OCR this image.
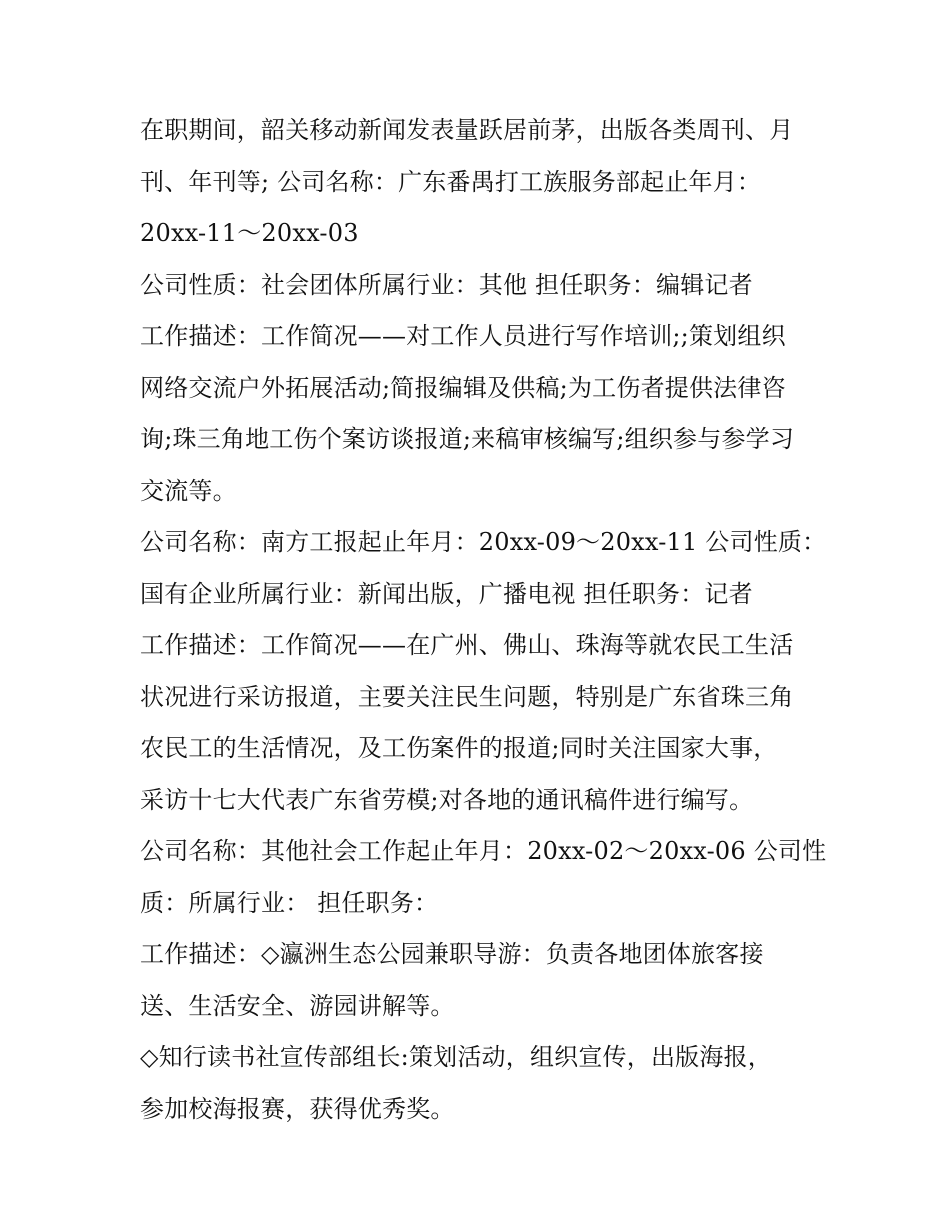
在职期间，韶关移动新闻发表量跃居前茅，出版各类周刊、月
刊、年刊等; 公司名称：广东番禺打工族服务部起止年月：
20xx-11～20xx-03
公司性质：社会团体所属行业：其他 担任职务：编辑记者
工作描述：工作简况——对工作人员进行写作培训;;策划组织
网络交流户外拓展活动;简报编辑及供稿;为工伤者提供法律咨
询;珠三角地工伤个案访谈报道;来稿审核编写;组织参与参学习
交流等。
公司名称：南方工报起止年月：20xx-09～20xx-11 公司性质：
国有企业所属行业：新闻出版，广播电视 担任职务：记者
工作描述：工作简况——在广州、佛山、珠海等就农民工生活
状况进行采访报道，主要关注民生问题，特别是广东省珠三角
农民工的生活情况，及工伤案件的报道;同时关注国家大事，
采访十七大代表广东省劳模;对各地的通讯稿件进行编写。
公司名称：其他社会工作起止年月：20xx-02～20xx-06 公司性
质：所属行业： 担任职务：
工作描述：◇瀛洲生态公园兼职导游：负责各地团体旅客接
送、生活安全、游园讲解等。
◇知行读书社宣传部组长:策划活动，组织宣传，出版海报，
参加校海报赛，获得优秀奖。
